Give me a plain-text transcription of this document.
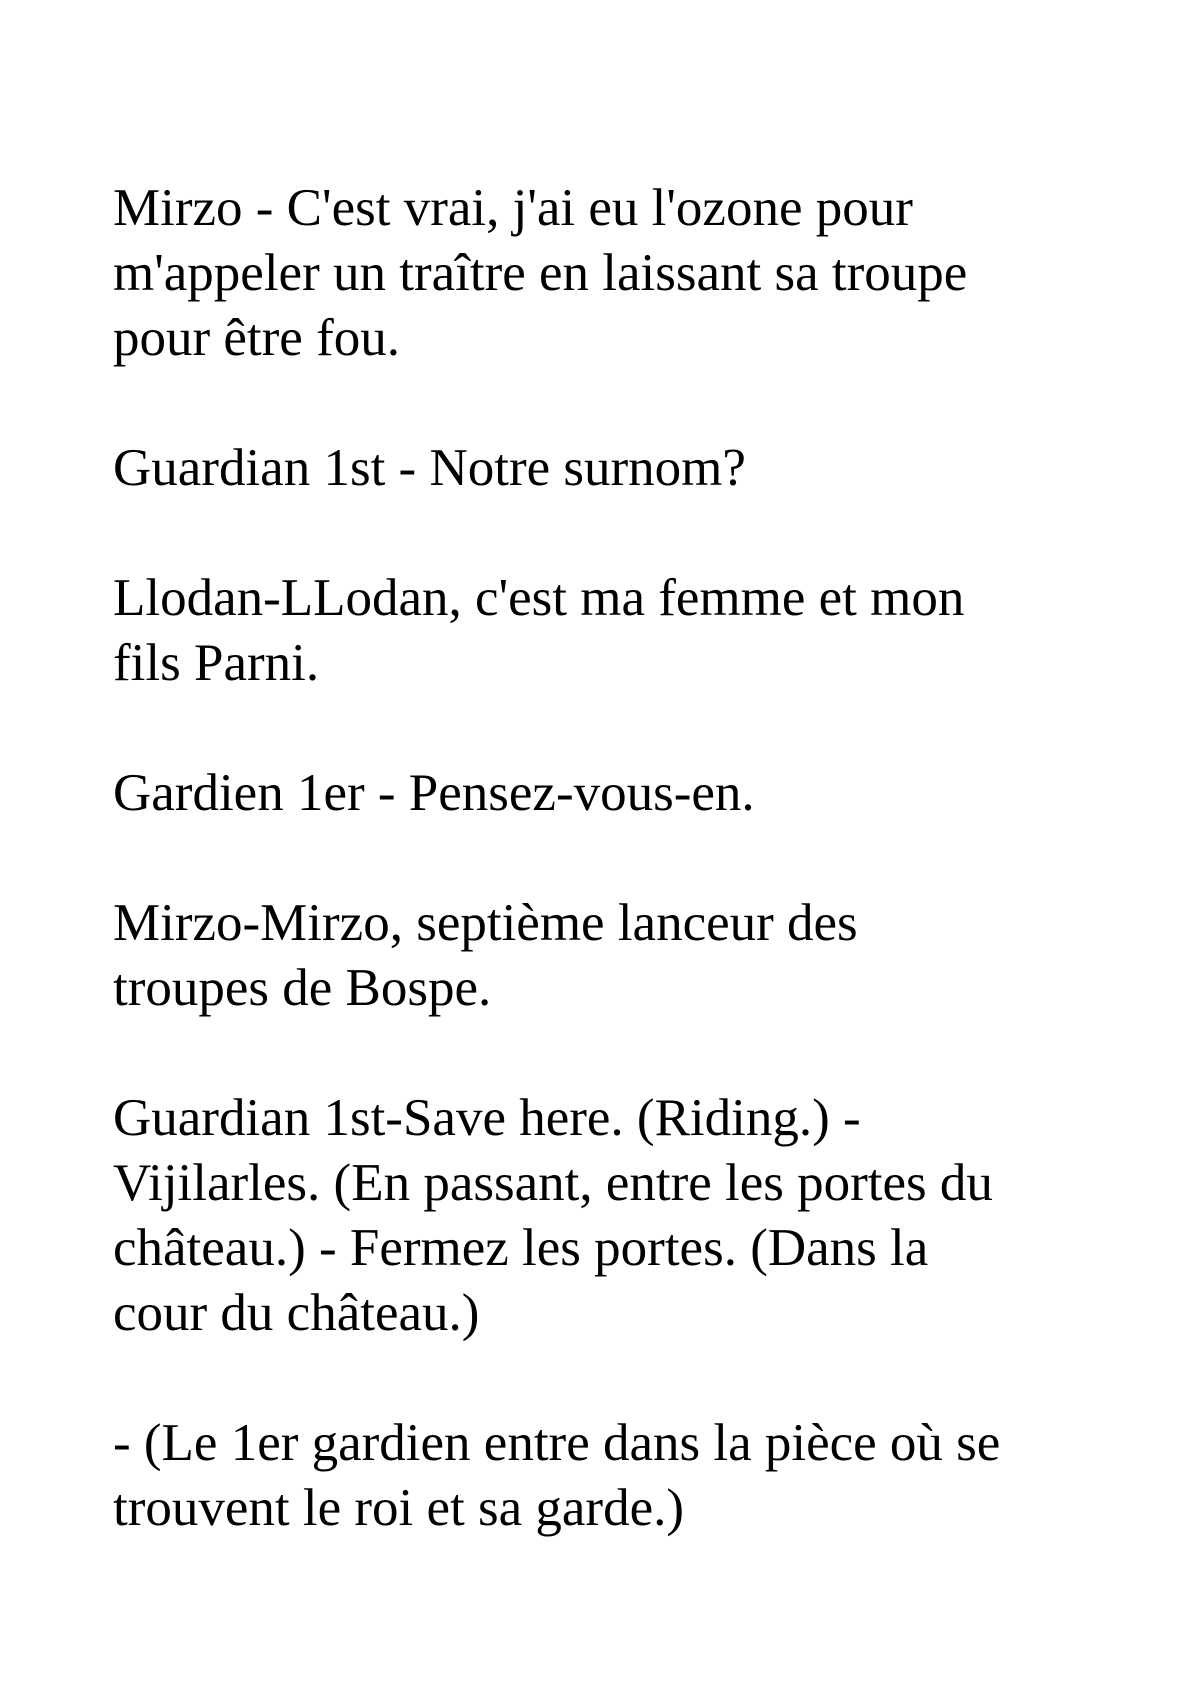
Mirzo - C'est vrai, j'ai eu l'ozone pour
m'appeler un traître en laissant sa troupe
pour être fou.

Guardian 1st - Notre surnom?

Llodan-LLodan, c'est ma femme et mon
fils Parni.

Gardien 1er - Pensez-vous-en.

Mirzo-Mirzo, septième lanceur des
troupes de Bospe.

Guardian 1st-Save here. (Riding.) -
Vijilarles. (En passant, entre les portes du
château.) - Fermez les portes. (Dans la
cour du château.)

- (Le 1er gardien entre dans la pièce où se
trouvent le roi et sa garde.)
